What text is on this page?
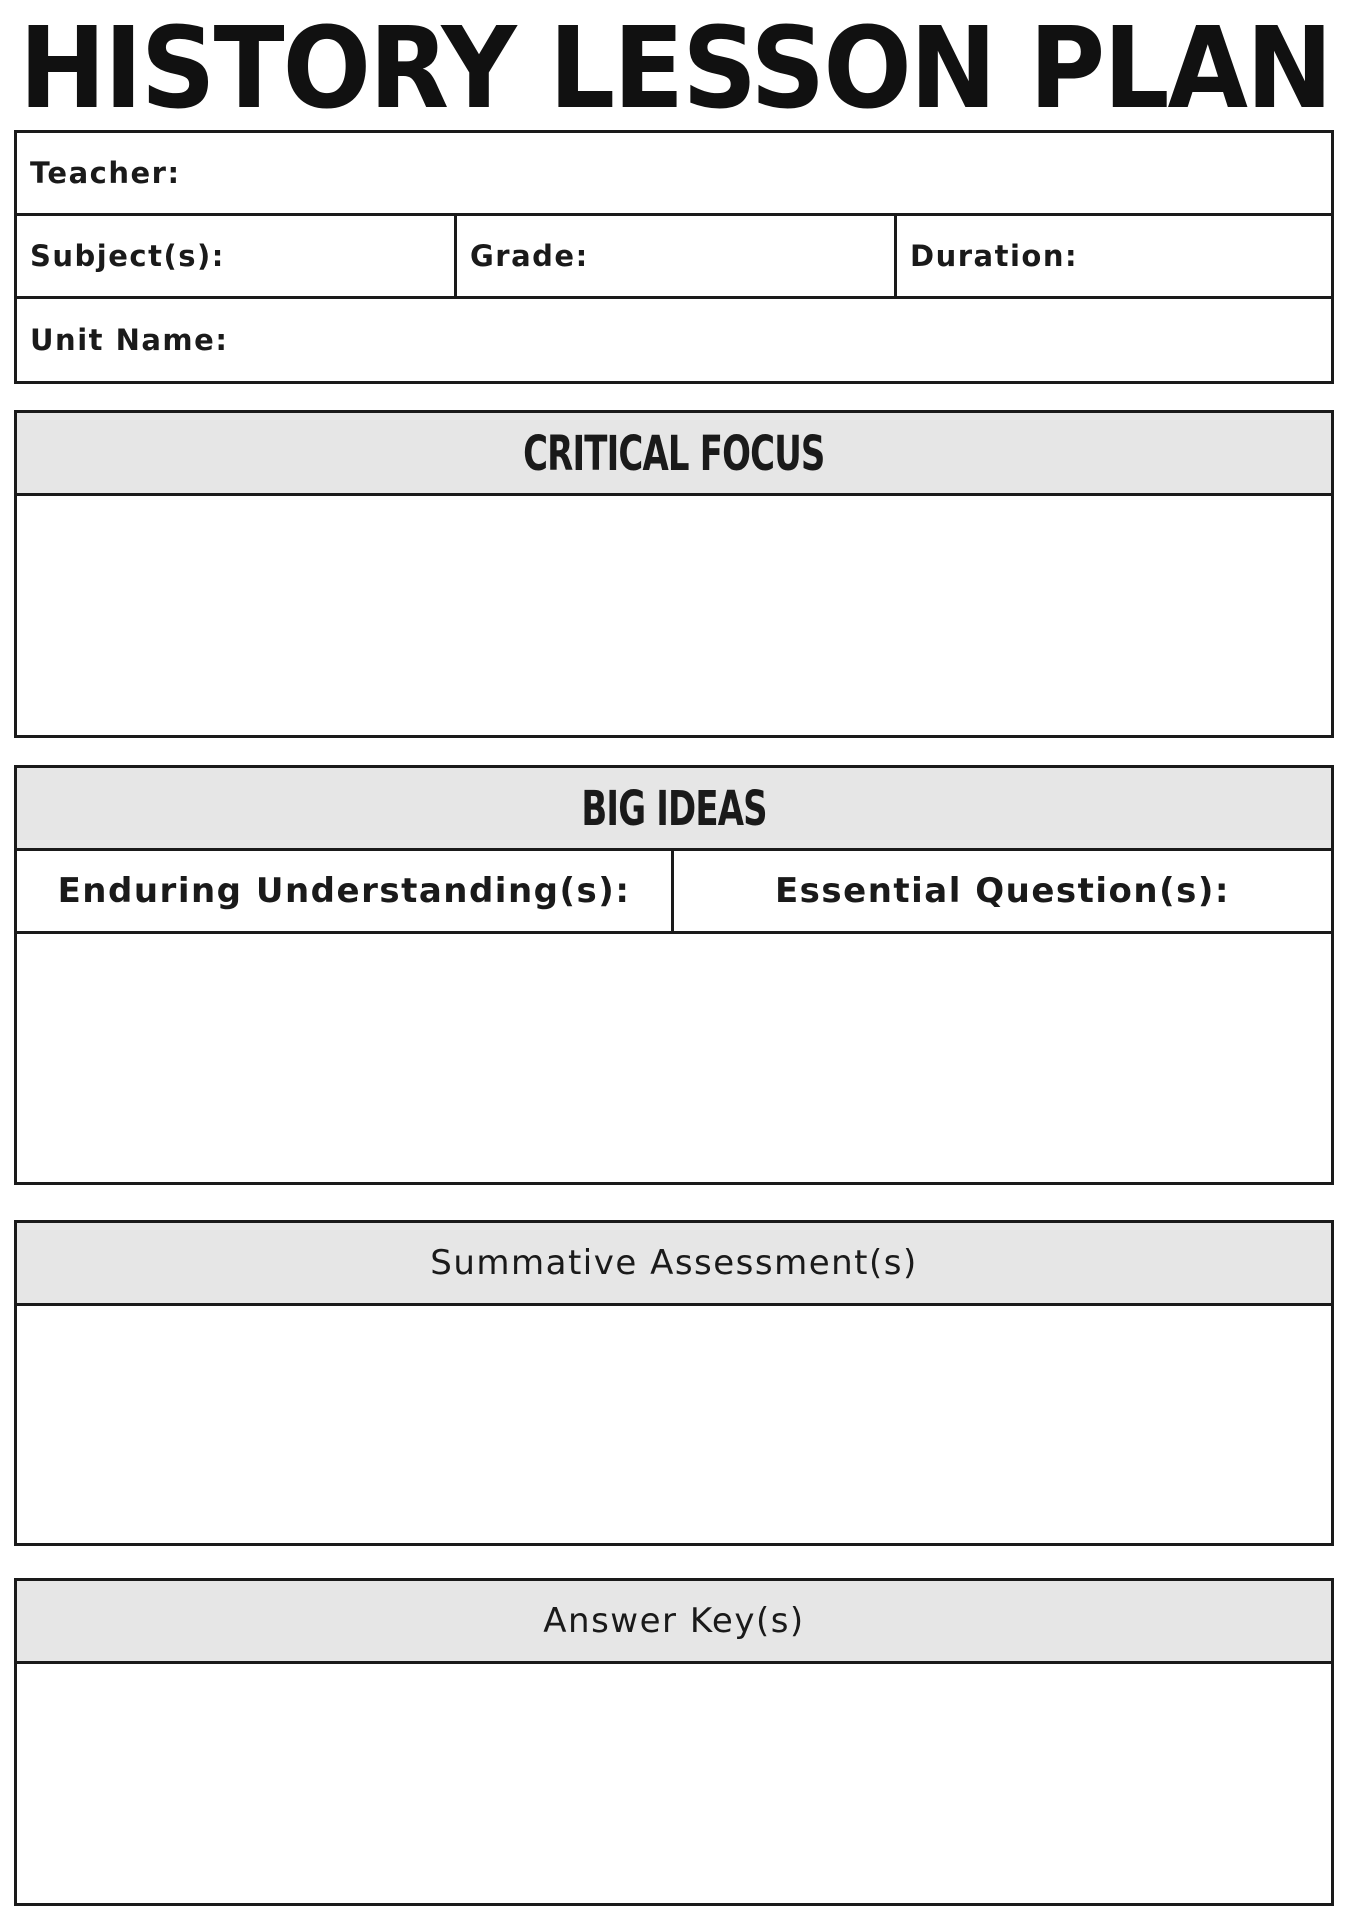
HISTORY LESSON PLAN
Teacher:
Subject(s):	Grade:	Duration:
Unit Name:
CRITICAL FOCUS
BIG IDEAS
Enduring Understanding(s):	Essential Question(s):
Summative Assessment(s)
Answer Key(s)
